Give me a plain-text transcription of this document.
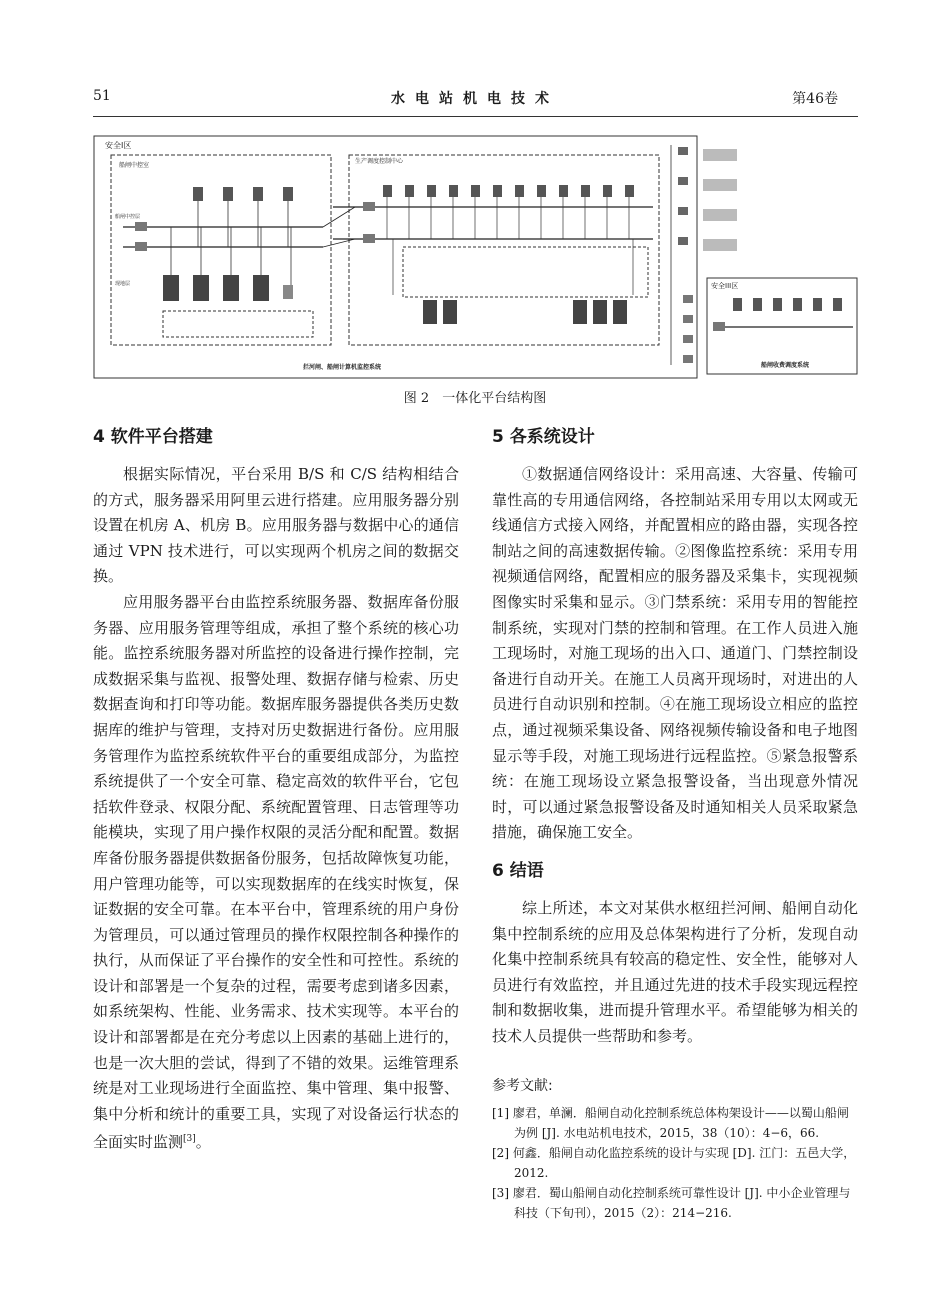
51	水电站机电技术	第46卷
安全I区
船闸中控室
船闸中控层
现地层
生产调度控制中心
拦河闸、船闸计算机监控系统
安全III区
船闸收费调度系统
图 2　一体化平台结构图
4 软件平台搭建

根据实际情况，平台采用 B/S 和 C/S 结构相结合的方式，服务器采用阿里云进行搭建。应用服务器分别设置在机房 A、机房 B。应用服务器与数据中心的通信通过 VPN 技术进行，可以实现两个机房之间的数据交换。

应用服务器平台由监控系统服务器、数据库备份服务器、应用服务管理等组成，承担了整个系统的核心功能。监控系统服务器对所监控的设备进行操作控制，完成数据采集与监视、报警处理、数据存储与检索、历史数据查询和打印等功能。数据库服务器提供各类历史数据库的维护与管理，支持对历史数据进行备份。应用服务管理作为监控系统软件平台的重要组成部分，为监控系统提供了一个安全可靠、稳定高效的软件平台，它包括软件登录、权限分配、系统配置管理、日志管理等功能模块，实现了用户操作权限的灵活分配和配置。数据库备份服务器提供数据备份服务，包括故障恢复功能，用户管理功能等，可以实现数据库的在线实时恢复，保证数据的安全可靠。在本平台中，管理系统的用户身份为管理员，可以通过管理员的操作权限控制各种操作的执行，从而保证了平台操作的安全性和可控性。系统的设计和部署是一个复杂的过程，需要考虑到诸多因素，如系统架构、性能、业务需求、技术实现等。本平台的设计和部署都是在充分考虑以上因素的基础上进行的，也是一次大胆的尝试，得到了不错的效果。运维管理系统是对工业现场进行全面监控、集中管理、集中报警、集中分析和统计的重要工具，实现了对设备运行状态的全面实时监测[3]。

5 各系统设计

①数据通信网络设计：采用高速、大容量、传输可靠性高的专用通信网络，各控制站采用专用以太网或无线通信方式接入网络，并配置相应的路由器，实现各控制站之间的高速数据传输。②图像监控系统：采用专用视频通信网络，配置相应的服务器及采集卡，实现视频图像实时采集和显示。③门禁系统：采用专用的智能控制系统，实现对门禁的控制和管理。在工作人员进入施工现场时，对施工现场的出入口、通道门、门禁控制设备进行自动开关。在施工人员离开现场时，对进出的人员进行自动识别和控制。④在施工现场设立相应的监控点，通过视频采集设备、网络视频传输设备和电子地图显示等手段，对施工现场进行远程监控。⑤紧急报警系统：在施工现场设立紧急报警设备，当出现意外情况时，可以通过紧急报警设备及时通知相关人员采取紧急措施，确保施工安全。

6 结语

综上所述，本文对某供水枢纽拦河闸、船闸自动化集中控制系统的应用及总体架构进行了分析，发现自动化集中控制系统具有较高的稳定性、安全性，能够对人员进行有效监控，并且通过先进的技术手段实现远程控制和数据收集，进而提升管理水平。希望能够为相关的技术人员提供一些帮助和参考。

参考文献:

[1] 廖君，单澜．船闸自动化控制系统总体构架设计——以蜀山船闸为例 [J]. 水电站机电技术，2015，38（10）：4−6，66.

[2] 何鑫．船闸自动化监控系统的设计与实现 [D]. 江门：五邑大学，2012.

[3] 廖君．蜀山船闸自动化控制系统可靠性设计 [J]. 中小企业管理与科技（下旬刊），2015（2）：214−216.
